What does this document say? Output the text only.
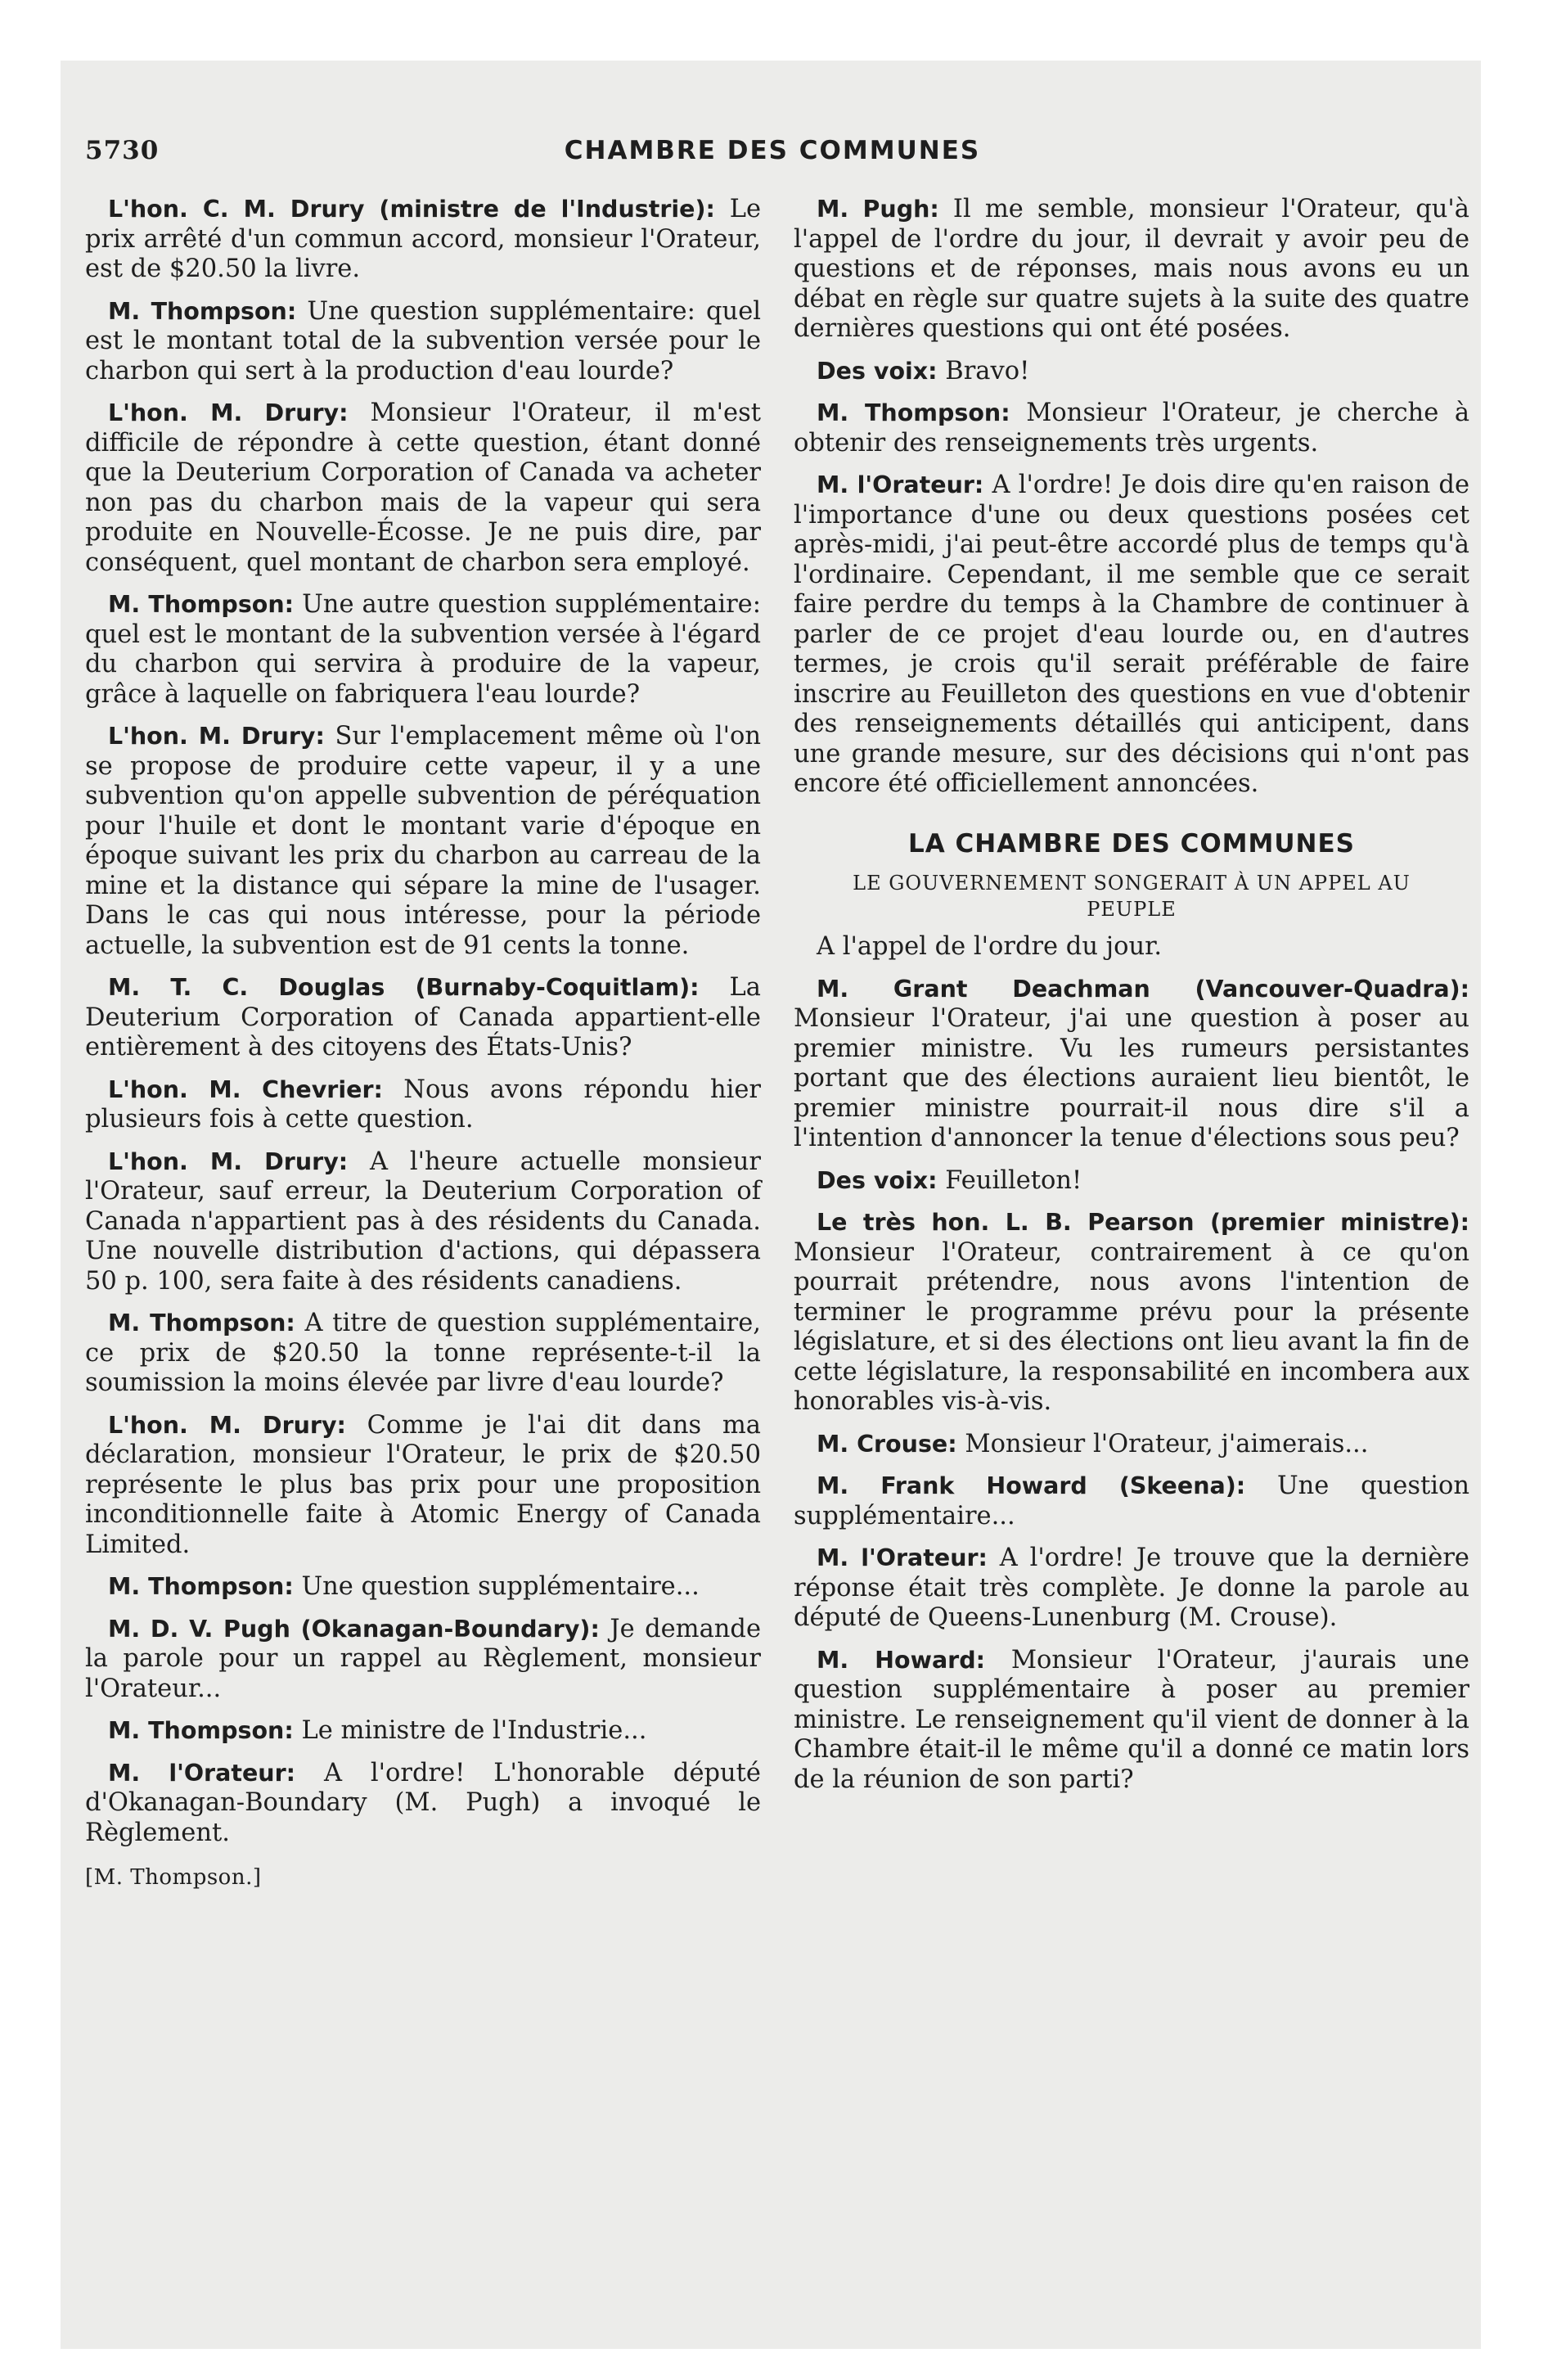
5730	CHAMBRE DES COMMUNES

L'hon. C. M. Drury (ministre de l'Industrie): Le prix arrêté d'un commun accord, monsieur l'Orateur, est de $20.50 la livre.

M. Thompson: Une question supplémentaire: quel est le montant total de la subvention versée pour le charbon qui sert à la production d'eau lourde?

L'hon. M. Drury: Monsieur l'Orateur, il m'est difficile de répondre à cette question, étant donné que la Deuterium Corporation of Canada va acheter non pas du charbon mais de la vapeur qui sera produite en Nouvelle-Écosse. Je ne puis dire, par conséquent, quel montant de charbon sera employé.

M. Thompson: Une autre question supplémentaire: quel est le montant de la subvention versée à l'égard du charbon qui servira à produire de la vapeur, grâce à laquelle on fabriquera l'eau lourde?

L'hon. M. Drury: Sur l'emplacement même où l'on se propose de produire cette vapeur, il y a une subvention qu'on appelle subvention de péréquation pour l'huile et dont le montant varie d'époque en époque suivant les prix du charbon au carreau de la mine et la distance qui sépare la mine de l'usager. Dans le cas qui nous intéresse, pour la période actuelle, la subvention est de 91 cents la tonne.

M. T. C. Douglas (Burnaby-Coquitlam): La Deuterium Corporation of Canada appartient-elle entièrement à des citoyens des États-Unis?

L'hon. M. Chevrier: Nous avons répondu hier plusieurs fois à cette question.

L'hon. M. Drury: A l'heure actuelle monsieur l'Orateur, sauf erreur, la Deuterium Corporation of Canada n'appartient pas à des résidents du Canada. Une nouvelle distribution d'actions, qui dépassera 50 p. 100, sera faite à des résidents canadiens.

M. Thompson: A titre de question supplémentaire, ce prix de $20.50 la tonne représente-t-il la soumission la moins élevée par livre d'eau lourde?

L'hon. M. Drury: Comme je l'ai dit dans ma déclaration, monsieur l'Orateur, le prix de $20.50 représente le plus bas prix pour une proposition inconditionnelle faite à Atomic Energy of Canada Limited.

M. Thompson: Une question supplémentaire...

M. D. V. Pugh (Okanagan-Boundary): Je demande la parole pour un rappel au Règlement, monsieur l'Orateur...

M. Thompson: Le ministre de l'Industrie...

M. l'Orateur: A l'ordre! L'honorable député d'Okanagan-Boundary (M. Pugh) a invoqué le Règlement.

[M. Thompson.]

M. Pugh: Il me semble, monsieur l'Orateur, qu'à l'appel de l'ordre du jour, il devrait y avoir peu de questions et de réponses, mais nous avons eu un débat en règle sur quatre sujets à la suite des quatre dernières questions qui ont été posées.

Des voix: Bravo!

M. Thompson: Monsieur l'Orateur, je cherche à obtenir des renseignements très urgents.

M. l'Orateur: A l'ordre! Je dois dire qu'en raison de l'importance d'une ou deux questions posées cet après-midi, j'ai peut-être accordé plus de temps qu'à l'ordinaire. Cependant, il me semble que ce serait faire perdre du temps à la Chambre de continuer à parler de ce projet d'eau lourde ou, en d'autres termes, je crois qu'il serait préférable de faire inscrire au Feuilleton des questions en vue d'obtenir des renseignements détaillés qui anticipent, dans une grande mesure, sur des décisions qui n'ont pas encore été officiellement annoncées.

LA CHAMBRE DES COMMUNES
LE GOUVERNEMENT SONGERAIT À UN APPEL AU PEUPLE

A l'appel de l'ordre du jour.

M. Grant Deachman (Vancouver-Quadra): Monsieur l'Orateur, j'ai une question à poser au premier ministre. Vu les rumeurs persistantes portant que des élections auraient lieu bientôt, le premier ministre pourrait-il nous dire s'il a l'intention d'annoncer la tenue d'élections sous peu?

Des voix: Feuilleton!

Le très hon. L. B. Pearson (premier ministre): Monsieur l'Orateur, contrairement à ce qu'on pourrait prétendre, nous avons l'intention de terminer le programme prévu pour la présente législature, et si des élections ont lieu avant la fin de cette législature, la responsabilité en incombera aux honorables vis-à-vis.

M. Crouse: Monsieur l'Orateur, j'aimerais...

M. Frank Howard (Skeena): Une question supplémentaire...

M. l'Orateur: A l'ordre! Je trouve que la dernière réponse était très complète. Je donne la parole au député de Queens-Lunenburg (M. Crouse).

M. Howard: Monsieur l'Orateur, j'aurais une question supplémentaire à poser au premier ministre. Le renseignement qu'il vient de donner à la Chambre était-il le même qu'il a donné ce matin lors de la réunion de son parti?
